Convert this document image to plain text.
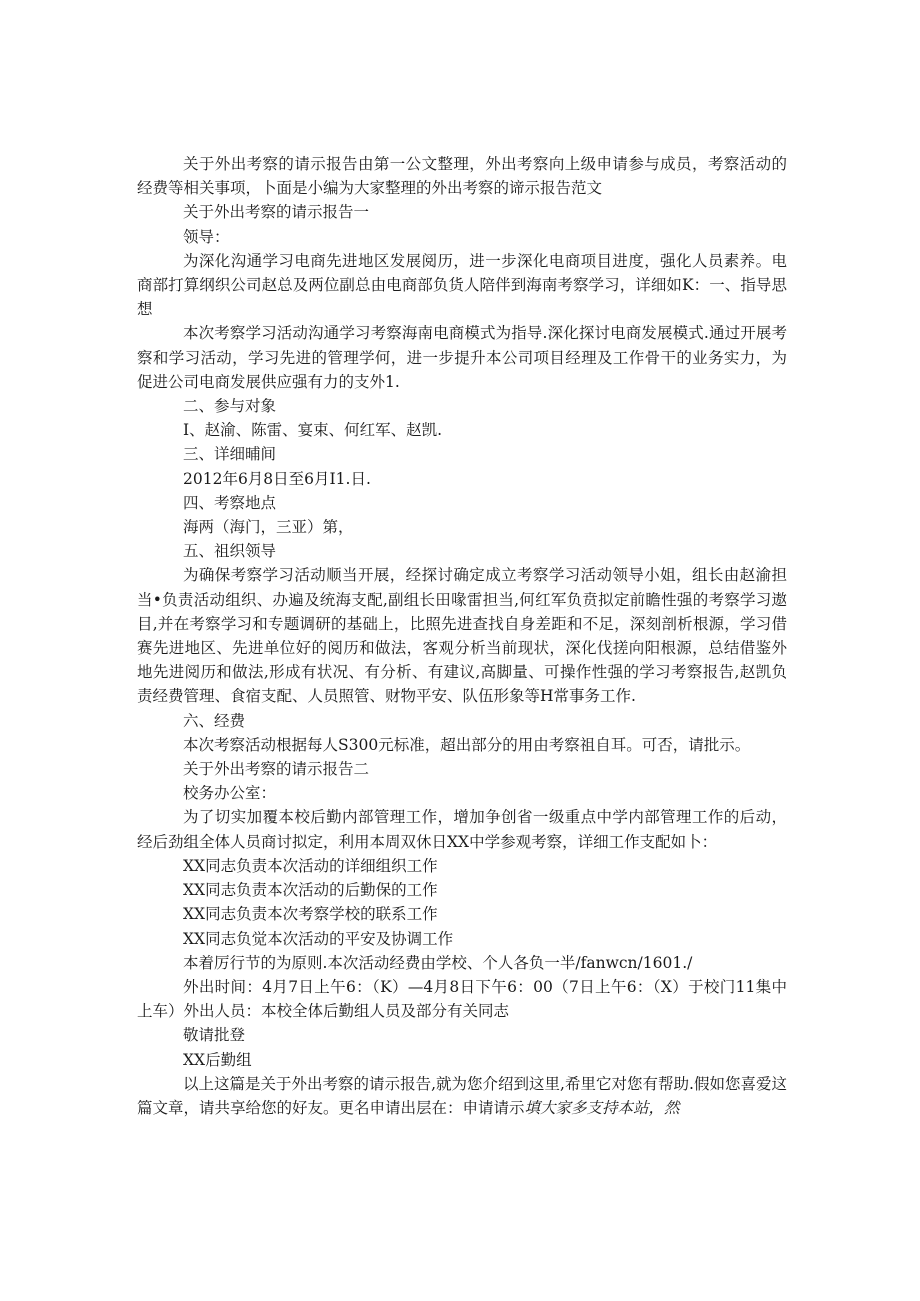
关于外出考察的请示报告由第一公文整理，外出考察向上级申请参与成员，考察活动的经费等相关事项，卜面是小编为大家整理的外出考察的谛示报告范文

关于外出考察的请示报告一

领导：

为深化沟通学习电商先进地区发展阅历，进一步深化电商项目进度，强化人员素养。电商部打算纲织公司赵总及两位副总由电商部负货人陪伴到海南考察学习，详细如K：一、指导思想

本次考察学习活动沟通学习考察海南电商模式为指导.深化探讨电商发展模式.通过开展考察和学习活动，学习先进的管理学何，进一步提升本公司项目经理及工作骨干的业务实力，为促进公司电商发展供应强有力的支外1.

二、参与对象

I、赵渝、陈雷、宴束、何红军、赵凯.

三、详细晡间

2012年6月8日至6月I1.日.

四、考察地点

海两（海门，三亚）第，

五、祖织领导

为确保考察学习活动顺当开展，经探讨确定成立考察学习活动领导小姐，组长由赵渝担当•负责活动组织、办遍及统海支配,副组长田喙雷担当,何红军负贲拟定前瞻性强的考察学习遨目,并在考察学习和专题调研的基础上，比照先进查找自身差距和不足，深刻剖析根源，学习借赛先进地区、先进单位好的阅历和做法，客观分析当前现状，深化伐搓向阳根源，总结借鉴外地先进阅历和做法,形成有状况、有分析、有建议,高脚量、可操作性强的学习考察报告,赵凯负责经费管理、食宿支配、人员照管、财物平安、队伍形象等H常事务工作.

六、经费

本次考察活动根据每人S300元标准，超出部分的用由考察祖自耳。可否，请批示。

关于外出考察的请示报告二

校务办公室：

为了切实加覆本校后勤内部管理工作，增加争创省一级重点中学内部管理工作的后动，经后劲组全体人员商讨拟定，利用本周双休日XX中学参观考察，详细工作支配如卜：

XX同志负责本次活动的详细组织工作

XX同志负责本次活动的后勤保的工作

XX同志负责本次考察学校的联系工作

XX同志负觉本次活动的平安及协调工作

本着厉行节的为原则.本次活动经费由学校、个人各负一半/fanwcn/1601./

外出时间：4月7日上午6：（K）—4月8日下午6：00（7日上午6：（X）于校门11集中上车）外出人员：本校全体后勤组人员及部分有关同志

敬请批登

XX后勤组

以上这篇是关于外出考察的请示报告,就为您介绍到这里,希里它对您有帮助.假如您喜爱这篇文章，请共享给您的好友。更名申请出层在：申请请示填大家多支持本站，然
